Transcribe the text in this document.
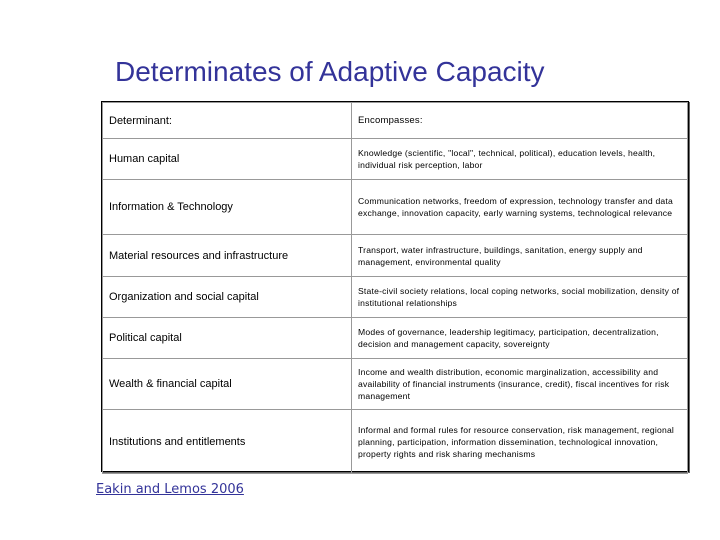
Determinates of Adaptive Capacity
Determinant:	Encompasses:
Human capital	Knowledge (scientific, "local", technical, political), education levels, health, individual risk perception, labor
Information & Technology	Communication networks, freedom of expression, technology transfer and data exchange, innovation capacity, early warning systems, technological relevance
Material resources and infrastructure	Transport, water infrastructure, buildings, sanitation, energy supply and management, environmental quality
Organization and social capital	State-civil society relations, local coping networks, social mobilization, density of institutional relationships
Political capital	Modes of governance, leadership legitimacy, participation, decentralization, decision and management capacity, sovereignty
Wealth & financial capital	Income and wealth distribution, economic marginalization, accessibility and availability of financial instruments (insurance, credit), fiscal incentives for risk management
Institutions and entitlements	Informal and formal rules for resource conservation, risk management, regional planning, participation, information dissemination, technological innovation, property rights and risk sharing mechanisms
Eakin and Lemos 2006
